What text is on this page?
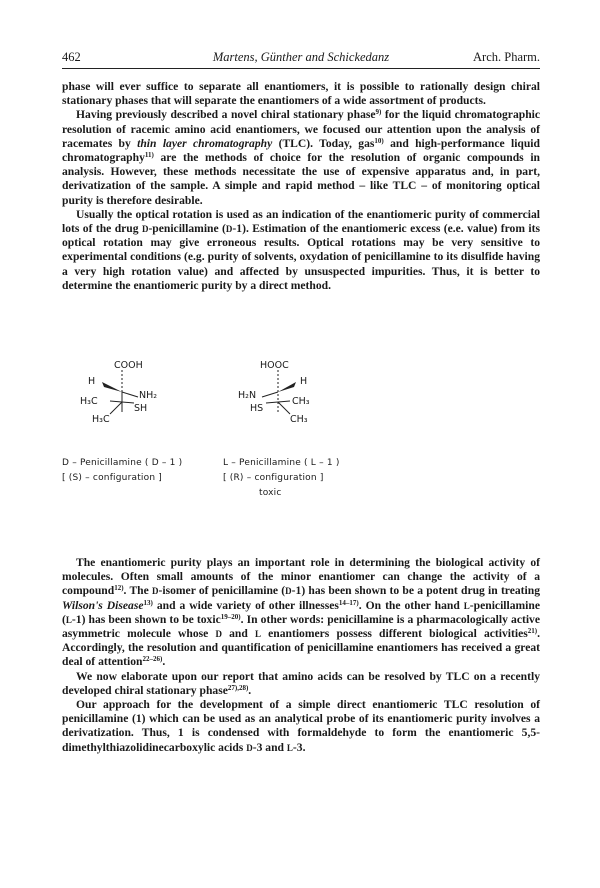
462	Martens, Günther and Schickedanz	Arch. Pharm.

phase will ever suffice to separate all enantiomers, it is possible to rationally design chiral stationary phases that will separate the enantiomers of a wide assortment of products.

Having previously described a novel chiral stationary phase$^{9)}$ for the liquid chromatographic resolution of racemic amino acid enantiomers, we focused our attention upon the analysis of racemates by thin layer chromatography (TLC). Today, gas$^{10)}$ and high-performance liquid chromatography$^{11)}$ are the methods of choice for the resolution of organic compounds in analysis. However, these methods necessitate the use of expensive apparatus and, in part, derivatization of the sample. A simple and rapid method – like TLC – of monitoring optical purity is therefore desirable.

Usually the optical rotation is used as an indication of the enantiomeric purity of commercial lots of the drug D-penicillamine (D-1). Estimation of the enantiomeric excess (e.e. value) from its optical rotation may give erroneous results. Optical rotations may be very sensitive to experimental conditions (e.g. purity of solvents, oxydation of penicillamine to its disulfide having a very high rotation value) and affected by unsuspected impurities. Thus, it is better to determine the enantiomeric purity by a direct method.

COOH
H
NH₂
H₃C
SH
H₃C
HOOC
H
H₂N
CH₃
HS
CH₃
D – Penicillamine ( D – 1 )
[ (S) – configuration ]
L – Penicillamine ( L – 1 )
[ (R) – configuration ]
toxic

The enantiomeric purity plays an important role in determining the biological activity of molecules. Often small amounts of the minor enantiomer can change the activity of a compound$^{12)}$. The D-isomer of penicillamine (D-1) has been shown to be a potent drug in treating Wilson's Disease$^{13)}$ and a wide variety of other illnesses$^{14-17)}$. On the other hand L-penicillamine (L-1) has been shown to be toxic$^{19-20)}$. In other words: penicillamine is a pharmacologically active asymmetric molecule whose D and L enantiomers possess different biological activities$^{21)}$. Accordingly, the resolution and quantification of penicillamine enantiomers has received a great deal of attention$^{22-26)}$.

We now elaborate upon our report that amino acids can be resolved by TLC on a recently developed chiral stationary phase$^{27),28)}$.

Our approach for the development of a simple direct enantiomeric TLC resolution of penicillamine (1) which can be used as an analytical probe of its enantiomeric purity involves a derivatization. Thus, 1 is condensed with formaldehyde to form the enantiomeric 5,5-dimethylthiazolidinecarboxylic acids D-3 and L-3.
